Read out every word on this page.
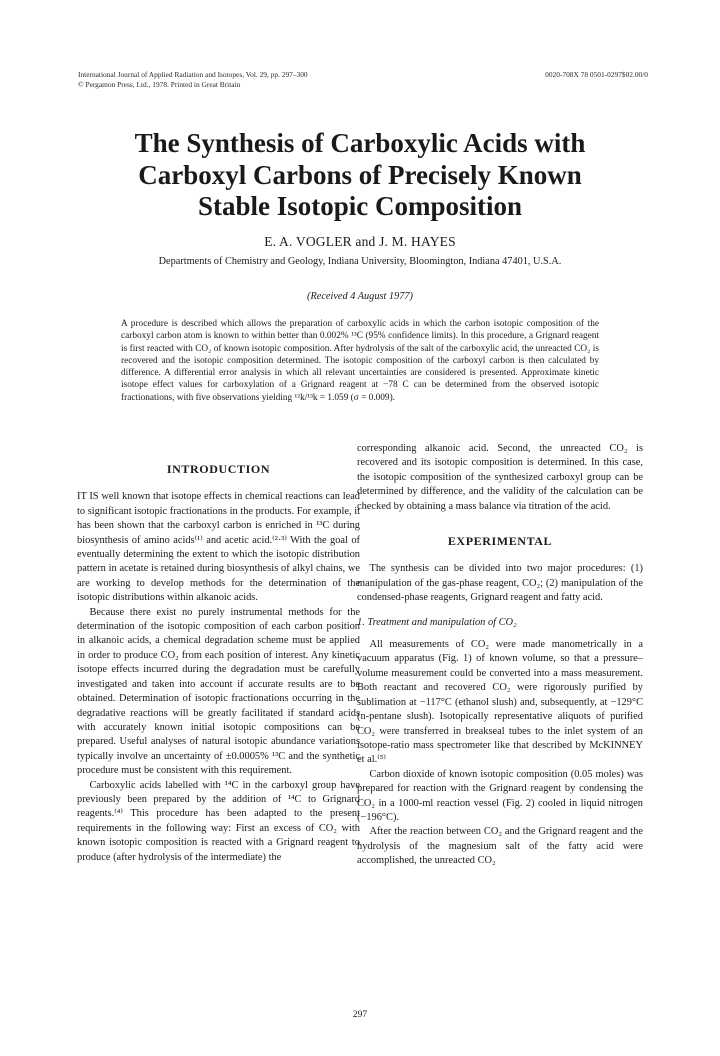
International Journal of Applied Radiation and Isotopes, Vol. 29, pp. 297–300
© Pergamon Press, Ltd., 1978. Printed in Great Britain
0020-708X 78 0501-0297$02.00/0
The Synthesis of Carboxylic Acids with
Carboxyl Carbons of Precisely Known
Stable Isotopic Composition
E. A. VOGLER and J. M. HAYES
Departments of Chemistry and Geology, Indiana University, Bloomington, Indiana 47401, U.S.A.
(Received 4 August 1977)
A procedure is described which allows the preparation of carboxylic acids in which the carbon isotopic composition of the carboxyl carbon atom is known to within better than 0.002% ¹³C (95% confidence limits). In this procedure, a Grignard reagent is first reacted with CO₂ of known isotopic composition. After hydrolysis of the salt of the carboxylic acid, the unreacted CO₂ is recovered and the isotopic composition determined. The isotopic composition of the carboxyl carbon is then calculated by difference. A differential error analysis in which all relevant uncertainties are considered is presented. Approximate kinetic isotope effect values for carboxylation of a Grignard reagent at −78 C can be determined from the observed isotopic fractionations, with five observations yielding ¹²k/¹³k = 1.059 (σ = 0.009).
INTRODUCTION

IT IS well known that isotope effects in chemical reactions can lead to significant isotopic fractionations in the products. For example, it has been shown that the carboxyl carbon is enriched in ¹³C during biosynthesis of amino acids⁽¹⁾ and acetic acid.⁽²·³⁾ With the goal of eventually determining the extent to which the isotopic distribution pattern in acetate is retained during biosynthesis of alkyl chains, we are working to develop methods for the determination of the isotopic distributions within alkanoic acids.

Because there exist no purely instrumental methods for the determination of the isotopic composition of each carbon position in alkanoic acids, a chemical degradation scheme must be applied in order to produce CO₂ from each position of interest. Any kinetic isotope effects incurred during the degradation must be carefully investigated and taken into account if accurate results are to be obtained. Determination of isotopic fractionations occurring in the degradative reactions will be greatly facilitated if standard acids with accurately known initial isotopic compositions can be prepared. Useful analyses of natural isotopic abundance variations typically involve an uncertainty of ±0.0005% ¹³C and the synthetic procedure must be consistent with this requirement.

Carboxylic acids labelled with ¹⁴C in the carboxyl group have previously been prepared by the addition of ¹⁴C to Grignard reagents.⁽⁴⁾ This procedure has been adapted to the present requirements in the following way: First an excess of CO₂ with known isotopic composition is reacted with a Grignard reagent to produce (after hydrolysis of the intermediate) the

corresponding alkanoic acid. Second, the unreacted CO₂ is recovered and its isotopic composition is determined. In this case, the isotopic composition of the synthesized carboxyl group can be determined by difference, and the validity of the calculation can be checked by obtaining a mass balance via titration of the acid.

EXPERIMENTAL

The synthesis can be divided into two major procedures: (1) manipulation of the gas-phase reagent, CO₂; (2) manipulation of the condensed-phase reagents, Grignard reagent and fatty acid.

1. Treatment and manipulation of CO₂

All measurements of CO₂ were made manometrically in a vacuum apparatus (Fig. 1) of known volume, so that a pressure–volume measurement could be converted into a mass measurement. Both reactant and recovered CO₂ were rigorously purified by sublimation at −117°C (ethanol slush) and, subsequently, at −129°C (n-pentane slush). Isotopically representative aliquots of purified CO₂ were transferred in breakseal tubes to the inlet system of an isotope-ratio mass spectrometer like that described by McKINNEY et al.⁽⁵⁾

Carbon dioxide of known isotopic composition (0.05 moles) was prepared for reaction with the Grignard reagent by condensing the CO₂ in a 1000-ml reaction vessel (Fig. 2) cooled in liquid nitrogen (−196°C).

After the reaction between CO₂ and the Grignard reagent and the hydrolysis of the magnesium salt of the fatty acid were accomplished, the unreacted CO₂

297
